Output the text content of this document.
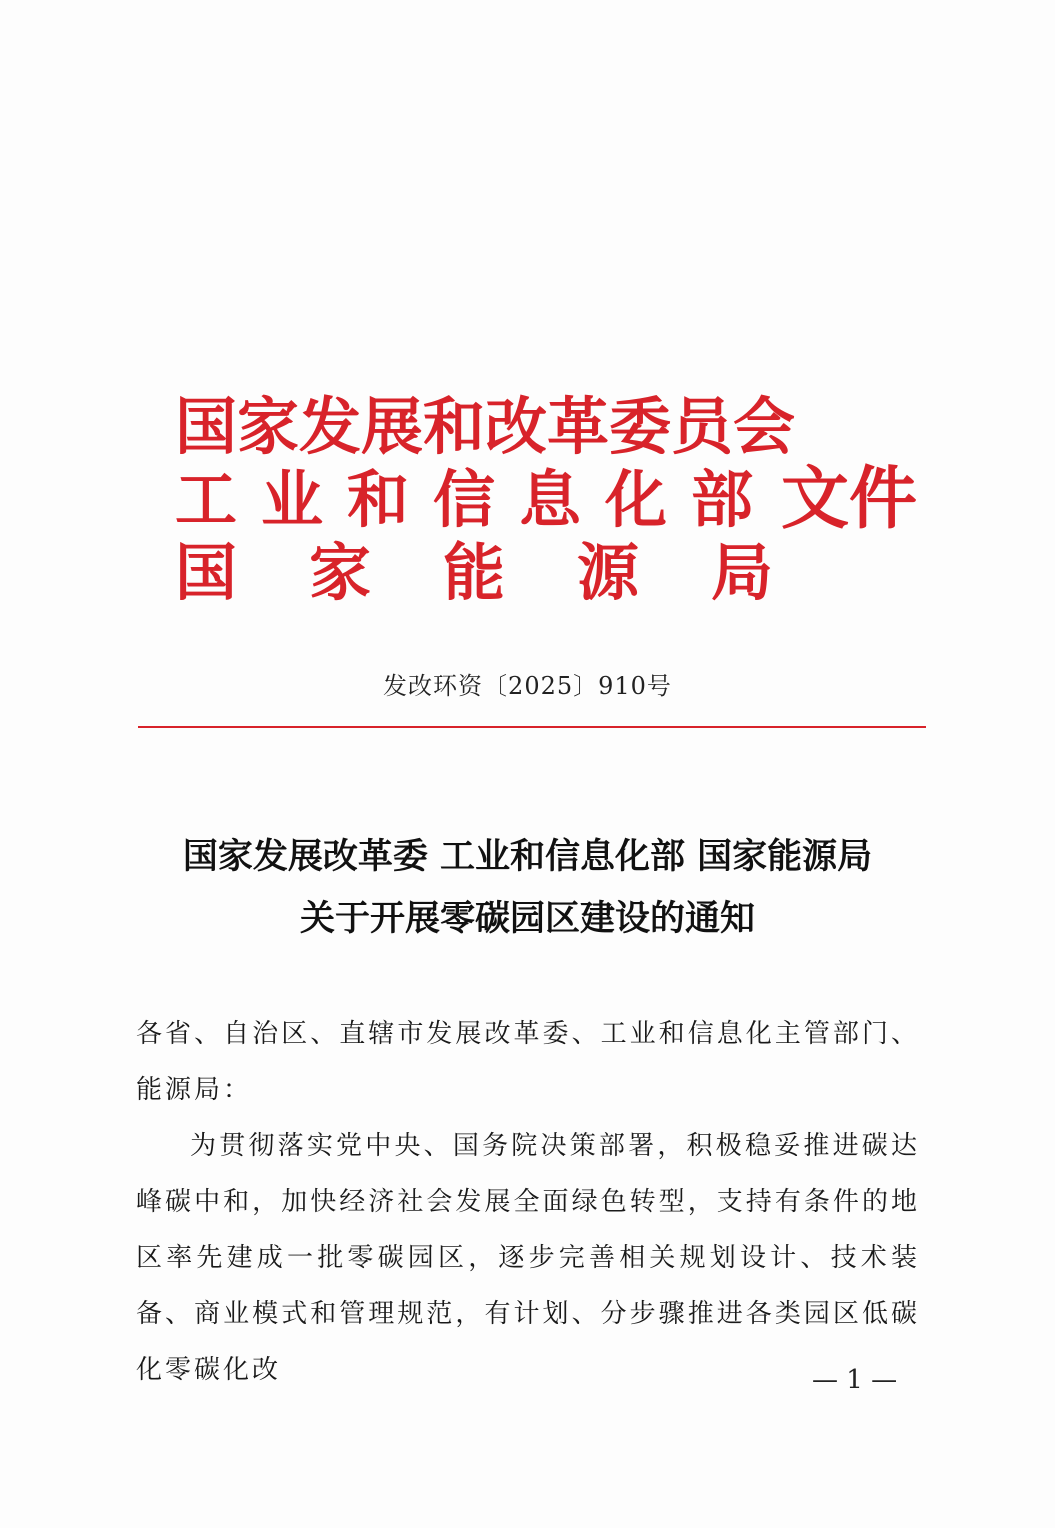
国家发展和改革委员会
工业和信息化部 文件
国家能源局
发改环资〔2025〕910号
国家发展改革委 工业和信息化部 国家能源局
关于开展零碳园区建设的通知

各省、自治区、直辖市发展改革委、工业和信息化主管部门、能源局：

为贯彻落实党中央、国务院决策部署，积极稳妥推进碳达峰碳中和，加快经济社会发展全面绿色转型，支持有条件的地区率先建成一批零碳园区，逐步完善相关规划设计、技术装备、商业模式和管理规范，有计划、分步骤推进各类园区低碳化零碳化改	— 1 —
